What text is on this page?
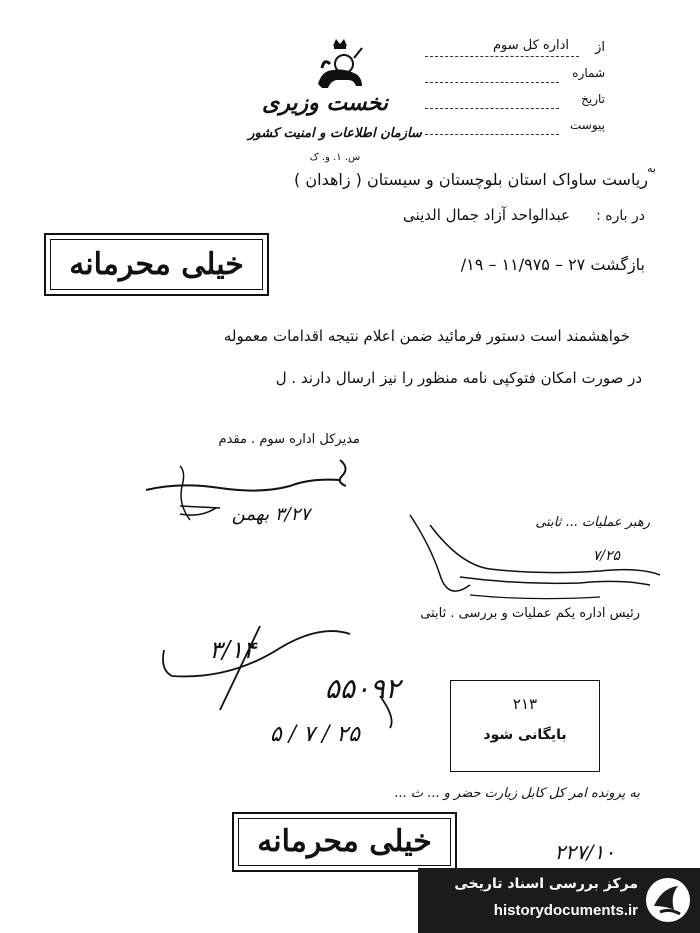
نخست وزیری
سازمان اطلاعات و امنیت کشور
س. ۱. و. ک
از
اداره کل سوم
شماره
تاریخ
پیوست
به
ریاست ساواک استان بلوچستان و سیستان ( زاهدان )
در باره :
عبدالواحد آزاد جمال الدینی
بازگشت ۲۷ – ۱۱/۹۷۵ – ۱۹/
خیلی محرمانه
خواهشمند است دستور فرمائید ضمن اعلام نتیجه اقدامات معموله
در صورت امکان فتوکپی نامه منظور را نیز ارسال دارند . ل
مدیرکل اداره سوم . مقدم
۳/۲۷ بهمن	رهبر عملیات ... ثابتی
۷/۲۵
رئیس اداره یکم عملیات و بررسی . ثابتی
۳/۱۴
۵۵۰۹۲
۲۵ / ۷ / ۵
۲۱۳
بایگانی شود
به پرونده امر کل کابل زیارت حضر و ... ث ...
خیلی محرمانه	۲۲۷/۱۰
مرکز بررسی اسناد تاریخی
historydocuments.ir
